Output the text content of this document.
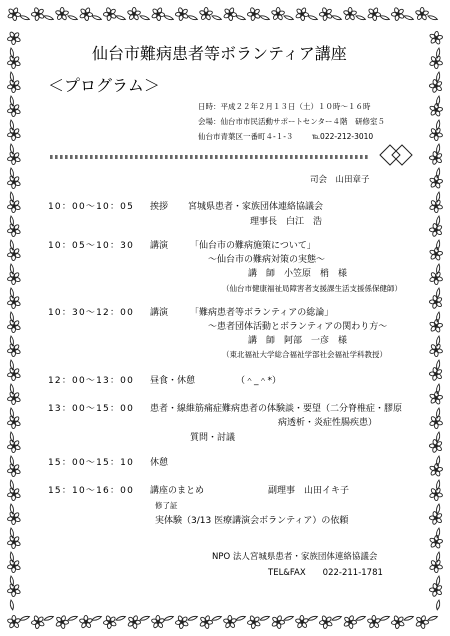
仙台市難病患者等ボランティア講座
＜プログラム＞
日時：平成２２年２月１３日（土）１０時～１６時
会場：仙台市市民活動サポートセンター４階　研修室５
仙台市青葉区一番町４-１-３ ℡022-212-3010
司会　山田章子
10：00～10：05 挨拶 宮城県患者・家族団体連絡協議会
理事長　白江　浩
10：05～10：30 講演 「仙台市の難病施策について」
～仙台市の難病対策の実態～
講　師　小笠原　梢　様
（仙台市健康福祉局障害者支援課生活支援係保健師）
10：30～12：00 講演 「難病患者等ボランティアの総論」
～患者団体活動とボランティアの関わり方～
講　師　阿部　一彦　様
（東北福祉大学総合福祉学部社会福祉学科教授）
12：00～13：00 昼食・休憩	（＾_＾*）
13：00～15：00 患者・線維筋痛症難病患者の体験談・要望（二分脊椎症・膠原
病透析・炎症性腸疾患）
質問・討議
15：00～15：10 休憩
15：10～16：00 講座のまとめ	副理事　山田イキ子
修了証
実体験（3/13 医療講演会ボランティア）の依頼
NPO 法人宮城県患者・家族団体連絡協議会
TEL&FAX　　022-211-1781
